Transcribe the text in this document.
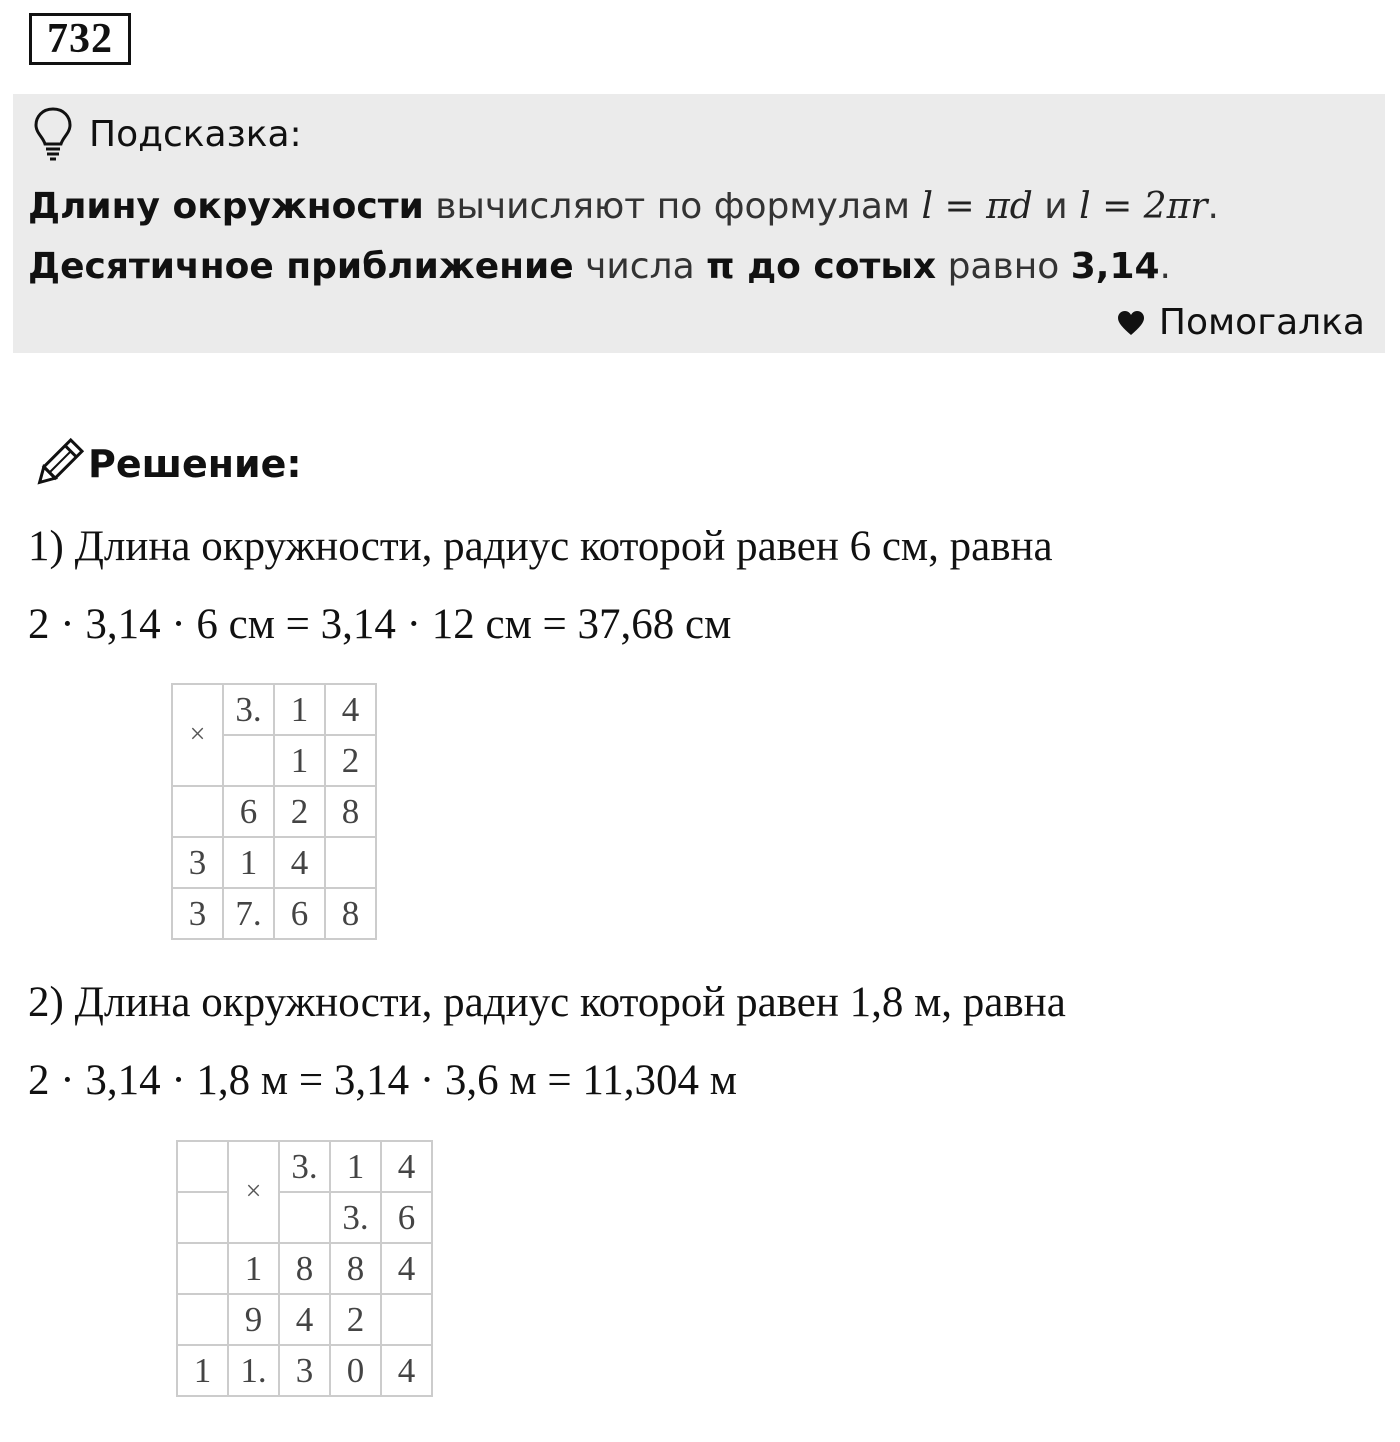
732
Подсказка:
Длину окружности вычисляют по формулам l = πd и l = 2πr.
Десятичное приближение числа π до сотых равно 3,14.
Помогалка
Решение:
1) Длина окружности, радиус которой равен 6 см, равна
2 · 3,14 · 6 см = 3,14 · 12 см = 37,68 см
×	3.	1	4
		1	2
	6	2	8
3	1	4	
3	7.	6	8
2) Длина окружности, радиус которой равен 1,8 м, равна
2 · 3,14 · 1,8 м = 3,14 · 3,6 м = 11,304 м
	×	3.	1	4
			3.	6
	1	8	8	4
	9	4	2	
1	1.	3	0	4
